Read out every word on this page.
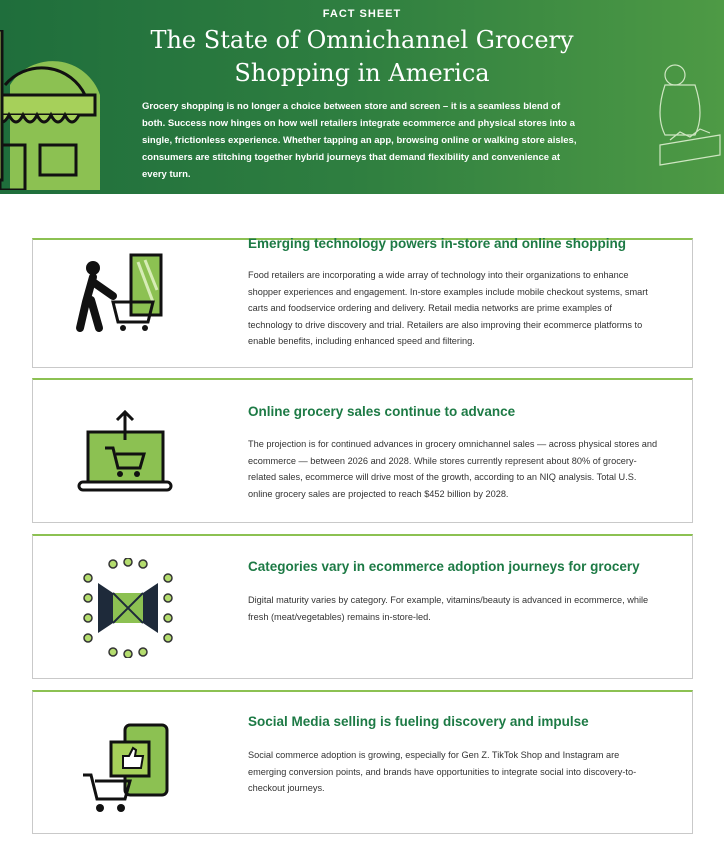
FACT SHEET
The State of Omnichannel Grocery Shopping in America

Grocery shopping is no longer a choice between store and screen – it is a seamless blend of both. Success now hinges on how well retailers integrate ecommerce and physical stores into a single, frictionless experience. Whether tapping an app, browsing online or walking store aisles, consumers are stitching together hybrid journeys that demand flexibility and convenience at every turn.

Emerging technology powers in-store and online shopping

Food retailers are incorporating a wide array of technology into their organizations to enhance shopper experiences and engagement. In-store examples include mobile checkout systems, smart carts and foodservice ordering and delivery. Retail media networks are prime examples of technology to drive discovery and trial. Retailers are also improving their ecommerce platforms to enable benefits, including enhanced speed and filtering.

Online grocery sales continue to advance

The projection is for continued advances in grocery omnichannel sales — across physical stores and ecommerce — between 2026 and 2028. While stores currently represent about 80% of grocery-related sales, ecommerce will drive most of the growth, according to an NIQ analysis. Total U.S. online grocery sales are projected to reach $452 billion by 2028.

Categories vary in ecommerce adoption journeys for grocery

Digital maturity varies by category. For example, vitamins/beauty is advanced in ecommerce, while fresh (meat/vegetables) remains in-store-led.

Social Media selling is fueling discovery and impulse

Social commerce adoption is growing, especially for Gen Z. TikTok Shop and Instagram are emerging conversion points, and brands have opportunities to integrate social into discovery-to-checkout journeys.
